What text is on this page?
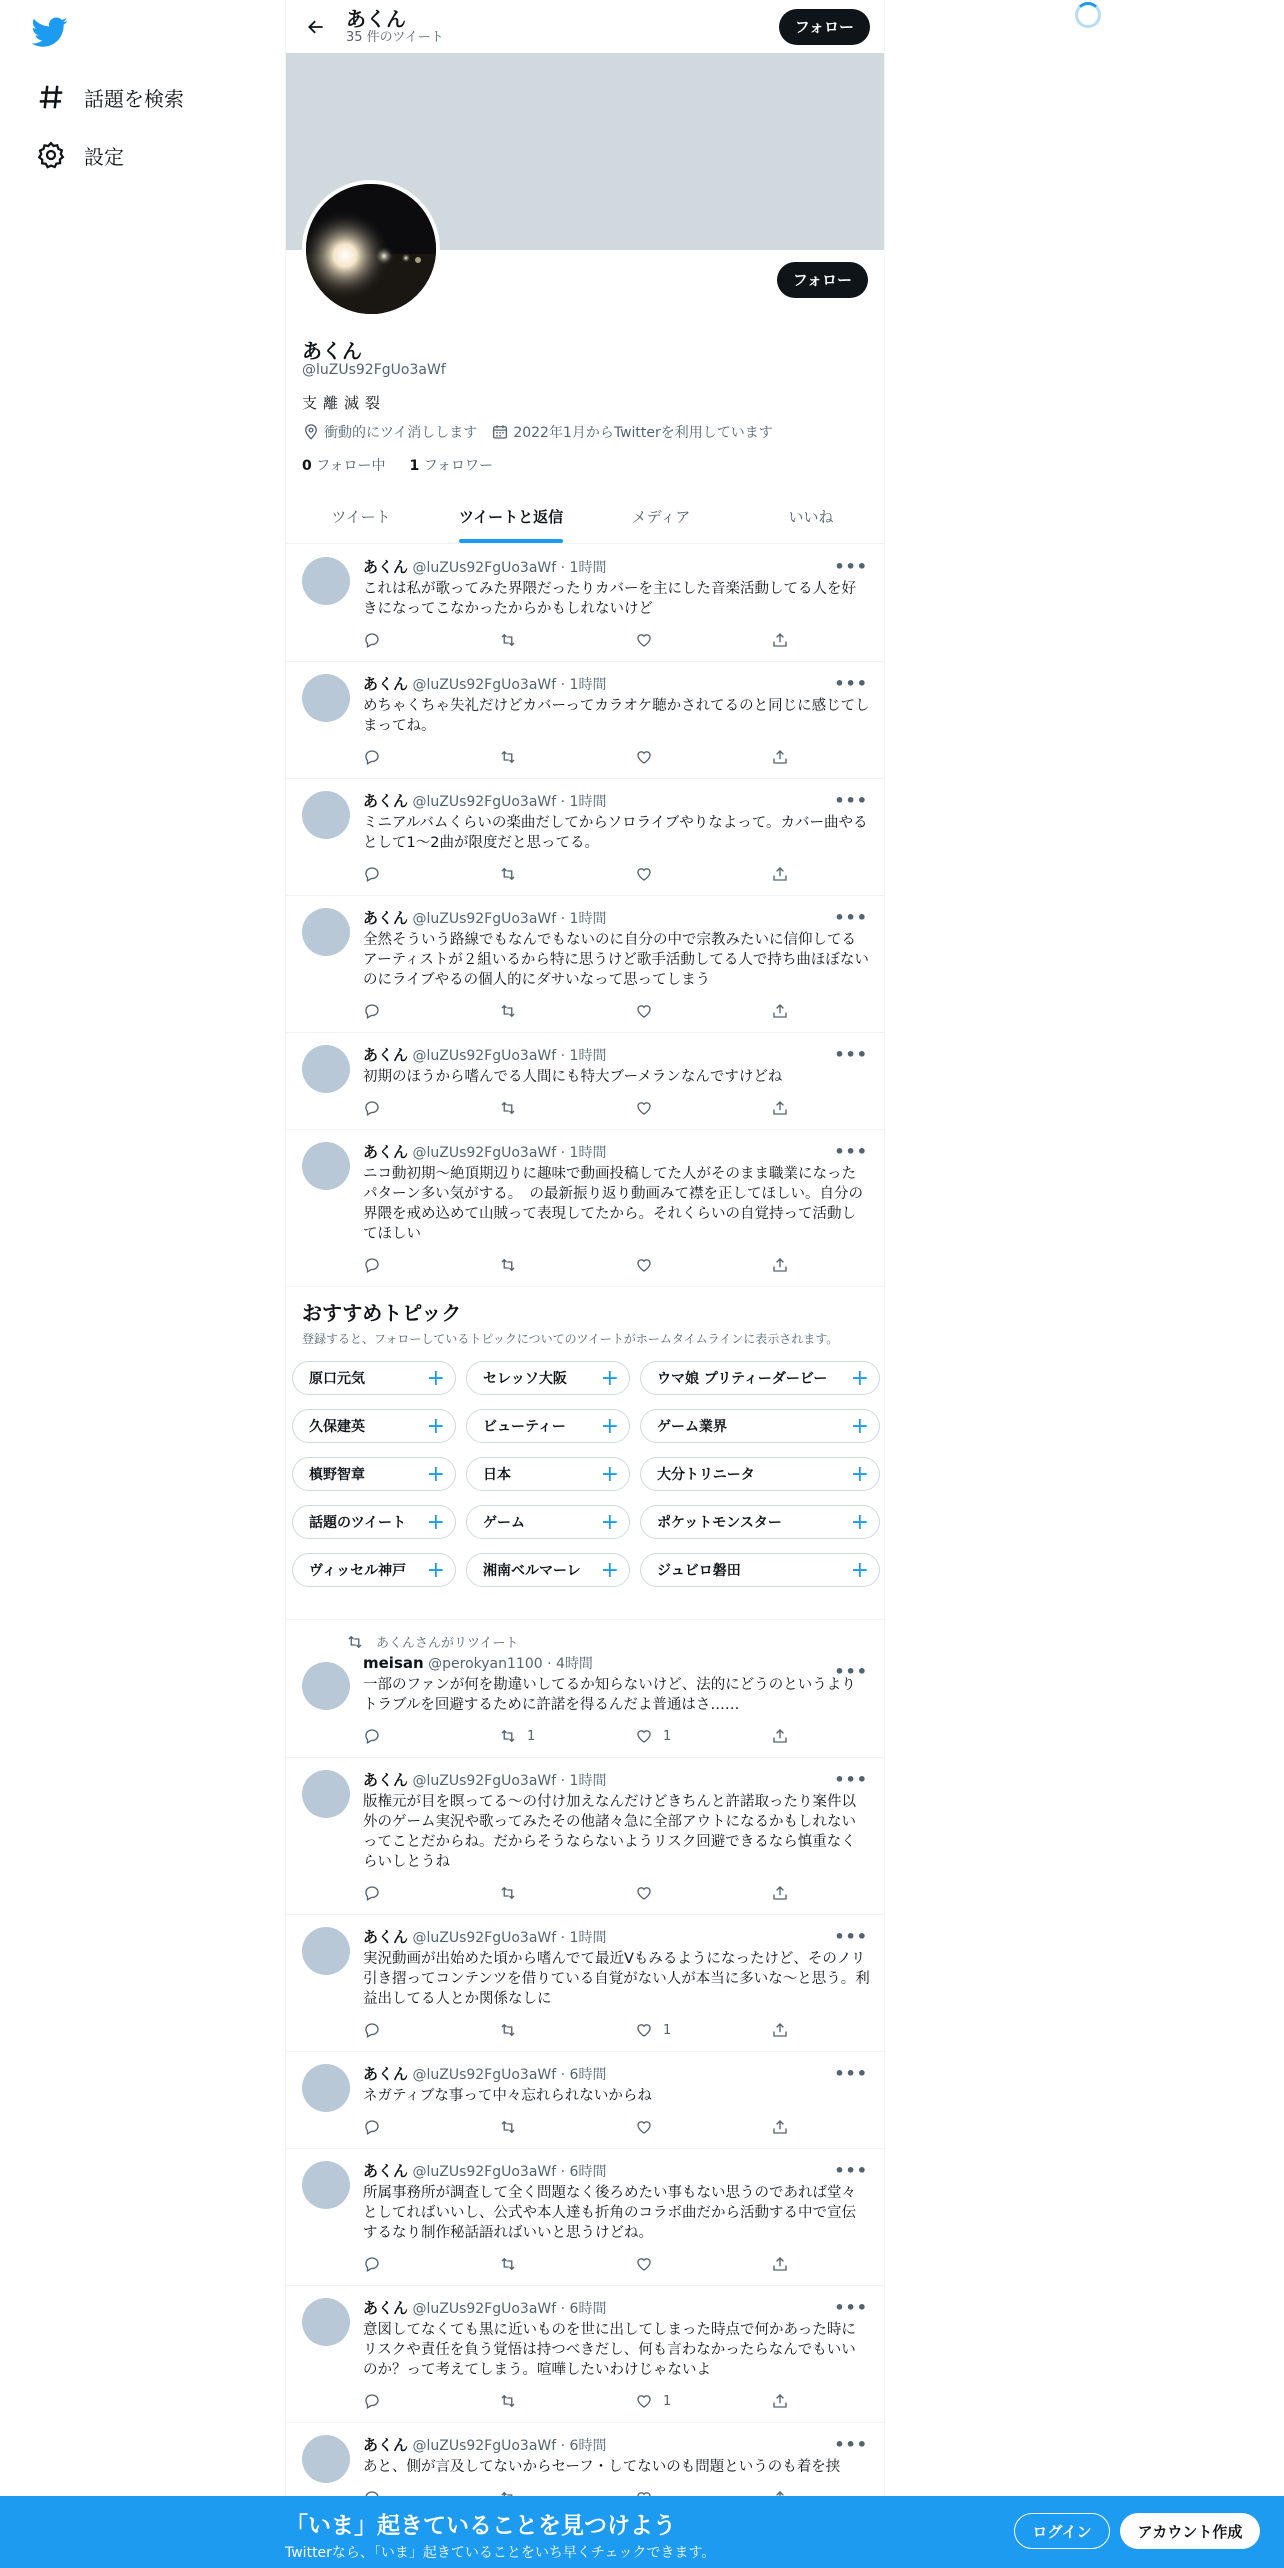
話題を検索
設定
あくん
35 件のツイート
フォロー
フォロー
あくん
@luZUs92FgUo3aWf
支離滅裂
衝動的にツイ消しします	2022年1月からTwitterを利用しています
0 フォロー中 1 フォロワー
ツイート	ツイートと返信	メディア	いいね
•••
あくん @luZUs92FgUo3aWf · 1時間
これは私が歌ってみた界隈だったりカバーを主にした音楽活動してる人を好きになってこなかったからかもしれないけど
•••
あくん @luZUs92FgUo3aWf · 1時間
めちゃくちゃ失礼だけどカバーってカラオケ聴かされてるのと同じに感じてしまってね。
•••
あくん @luZUs92FgUo3aWf · 1時間
ミニアルバムくらいの楽曲だしてからソロライブやりなよって。カバー曲やるとして1〜2曲が限度だと思ってる。
•••
あくん @luZUs92FgUo3aWf · 1時間
全然そういう路線でもなんでもないのに自分の中で宗教みたいに信仰してるアーティストが２組いるから特に思うけど歌手活動してる人で持ち曲ほぼないのにライブやるの個人的にダサいなって思ってしまう
•••
あくん @luZUs92FgUo3aWf · 1時間
初期のほうから嗜んでる人間にも特大ブーメランなんですけどね
•••
あくん @luZUs92FgUo3aWf · 1時間
ニコ動初期〜絶頂期辺りに趣味で動画投稿してた人がそのまま職業になったパターン多い気がする。　の最新振り返り動画みて襟を正してほしい。自分の界隈を戒め込めて山賊って表現してたから。それくらいの自覚持って活動してほしい
おすすめトピック
登録すると、フォローしているトピックについてのツイートがホームタイムラインに表示されます。
原口元気	+	セレッソ大阪 +	ウマ娘 プリティーダービー +
久保建英	+	ビューティー +	ゲーム業界	+
槙野智章	+	日本	+	大分トリニータ	+
話題のツイート +	ゲーム	+	ポケットモンスター	+
ヴィッセル神戸 +	湘南ベルマーレ +	ジュビロ磐田	+
あくんさんがリツイート
•••
meisan @perokyan1100 · 4時間
一部のファンが何を勘違いしてるか知らないけど、法的にどうのというよりトラブルを回避するために許諾を得るんだよ普通はさ……
1	1
•••
あくん @luZUs92FgUo3aWf · 1時間
版権元が目を瞑ってる〜の付け加えなんだけどきちんと許諾取ったり案件以外のゲーム実況や歌ってみたその他諸々急に全部アウトになるかもしれないってことだからね。だからそうならないようリスク回避できるなら慎重なくらいしとうね
•••
あくん @luZUs92FgUo3aWf · 1時間
実況動画が出始めた頃から嗜んでて最近Vもみるようになったけど、そのノリ引き摺ってコンテンツを借りている自覚がない人が本当に多いな〜と思う。利益出してる人とか関係なしに
1
•••
あくん @luZUs92FgUo3aWf · 6時間
ネガティブな事って中々忘れられないからね
•••
あくん @luZUs92FgUo3aWf · 6時間
所属事務所が調査して全く問題なく後ろめたい事もない思うのであれば堂々としてればいいし、公式や本人達も折角のコラボ曲だから活動する中で宣伝するなり制作秘話語ればいいと思うけどね。
•••
あくん @luZUs92FgUo3aWf · 6時間
意図してなくても黒に近いものを世に出してしまった時点で何かあった時にリスクや責任を負う覚悟は持つべきだし、何も言わなかったらなんでもいいのか？って考えてしまう。喧嘩したいわけじゃないよ
1
•••
あくん @luZUs92FgUo3aWf · 6時間
あと、側が言及してないからセーフ・してないのも問題というのも着を挟
「いま」起きていることを見つけよう
Twitterなら、「いま」起きていることをいち早くチェックできます。
ログイン	アカウント作成
